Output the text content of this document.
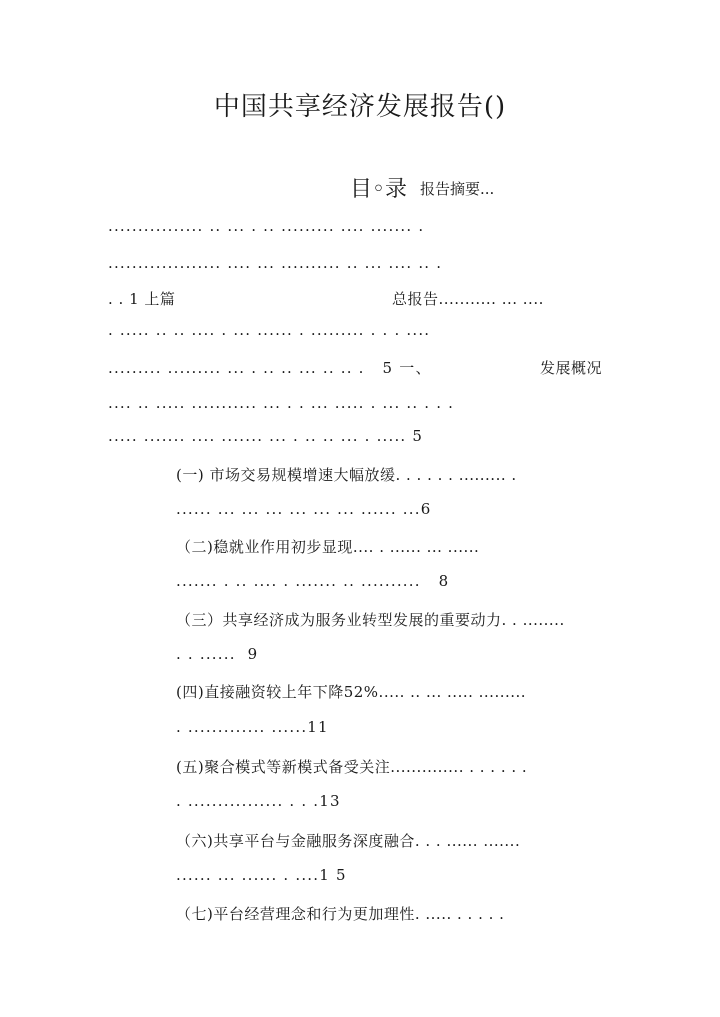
中国共享经济发展报告()
目◦录 报告摘要...
................ .. ... . .. ......... .... ....... .
................... .... ... .......... .. ... .... .. .
. . 1 上篇	总报告........... ... ....
. ..... .. .. .... . ... ...... . ......... . . . ....
......... ......... ... . .. .. ... .. .. .   5 一、	发展概况
.... .. ..... ........... ... . . ... ..... . ... .. . . .
..... ....... .... ....... ... . .. .. ... . ..... 5
(一) 市场交易规模增速大幅放缓. . . . . . ......... .
...... ... ... ... ... ... ... ...... ...6
（二)稳就业作用初步显现.... . ...... ... ......
....... . .. .... . ....... .. ..........   8
（三）共享经济成为服务业转型发展的重要动力. . ........
. . ......  9
(四)直接融资较上年下降52%..... .. ... ..... .........
. ............. ......11
(五)聚合模式等新模式备受关注.............. . . . . . .
. ................ . . .13
（六)共享平台与金融服务深度融合. . . ...... .......
...... ... ...... . ....1 5
（七)平台经营理念和行为更加理性. ..... . . . . .
